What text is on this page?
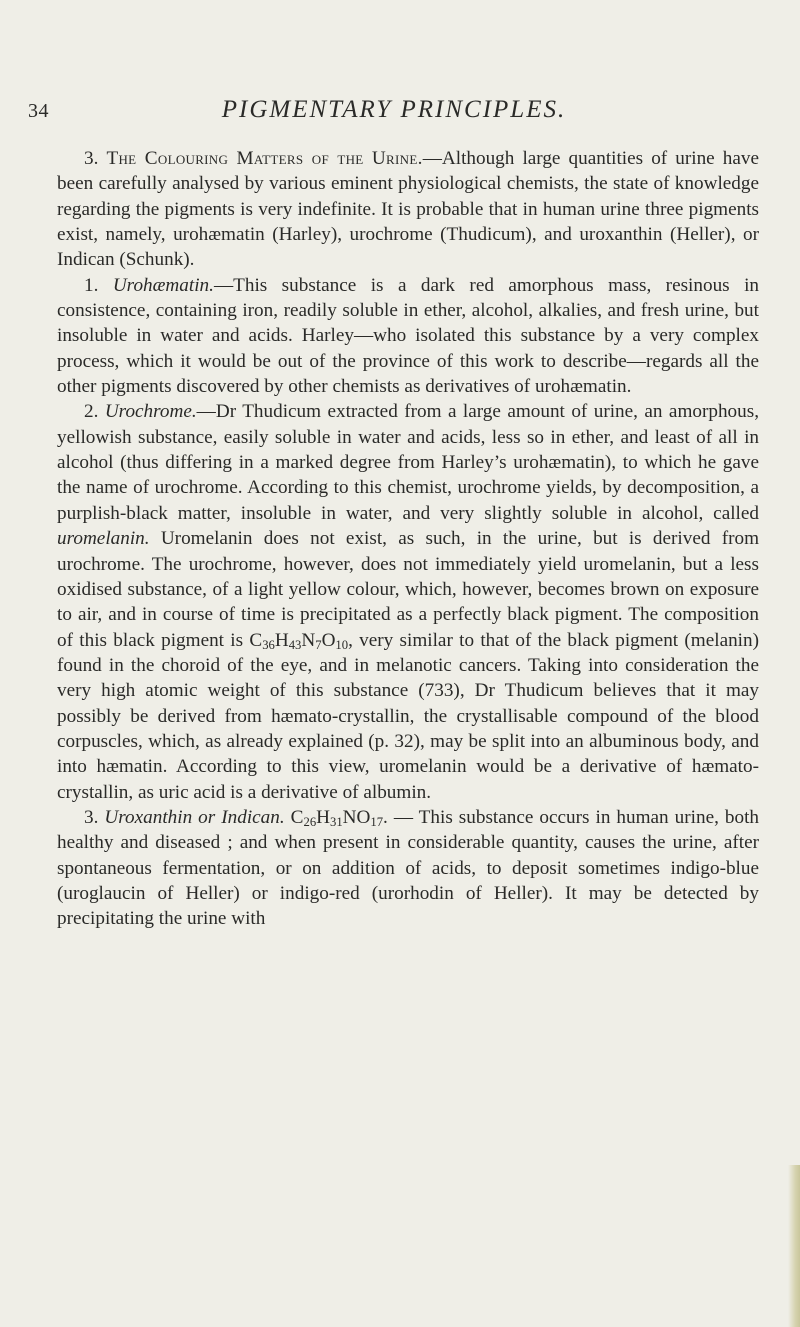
34	PIGMENTARY PRINCIPLES.

3. The Colouring Matters of the Urine.—Although large quantities of urine have been carefully analysed by various eminent physiological chemists, the state of knowledge regarding the pigments is very indefinite. It is probable that in human urine three pigments exist, namely, urohæmatin (Harley), urochrome (Thudicum), and uroxanthin (Heller), or Indican (Schunk).

1. Urohæmatin.—This substance is a dark red amorphous mass, resinous in consistence, containing iron, readily soluble in ether, alcohol, alkalies, and fresh urine, but insoluble in water and acids. Harley—who isolated this substance by a very complex process, which it would be out of the province of this work to describe—regards all the other pigments discovered by other chemists as derivatives of urohæmatin.

2. Urochrome.—Dr Thudicum extracted from a large amount of urine, an amorphous, yellowish substance, easily soluble in water and acids, less so in ether, and least of all in alcohol (thus differing in a marked degree from Harley’s urohæmatin), to which he gave the name of urochrome. According to this chemist, urochrome yields, by decomposition, a purplish-black matter, insoluble in water, and very slightly soluble in alcohol, called uromelanin. Uromelanin does not exist, as such, in the urine, but is derived from urochrome. The urochrome, however, does not immediately yield uromelanin, but a less oxidised substance, of a light yellow colour, which, however, becomes brown on exposure to air, and in course of time is precipitated as a perfectly black pigment. The composition of this black pigment is $C_{36}H_{43}N_7O_{10}$, very similar to that of the black pigment (melanin) found in the choroid of the eye, and in melanotic cancers. Taking into consideration the very high atomic weight of this substance (733), Dr Thudicum believes that it may possibly be derived from hæmato-crystallin, the crystallisable compound of the blood corpuscles, which, as already explained (p. 32), may be split into an albuminous body, and into hæmatin. According to this view, uromelanin would be a derivative of hæmato-crystallin, as uric acid is a derivative of albumin.

3. Uroxanthin or Indican. $C_{26}H_{31}NO_{17}$. — This substance occurs in human urine, both healthy and diseased ; and when present in considerable quantity, causes the urine, after spontaneous fermentation, or on addition of acids, to deposit sometimes indigo-blue (uroglaucin of Heller) or indigo-red (urorhodin of Heller). It may be detected by precipitating the urine with
